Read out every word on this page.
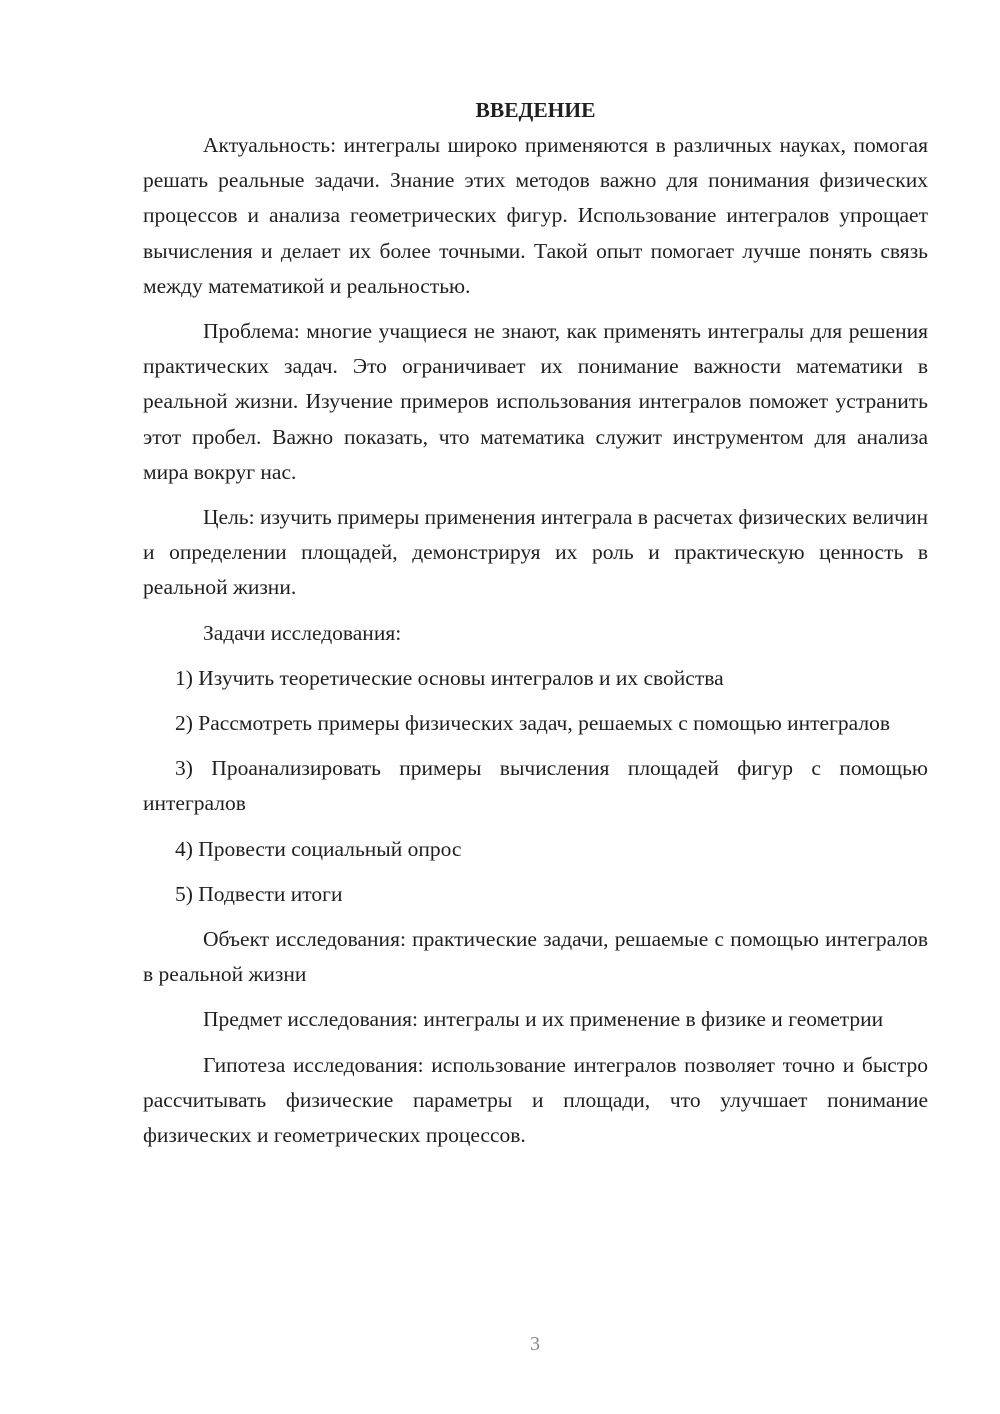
ВВЕДЕНИЕ

Актуальность: интегралы широко применяются в различных науках, помогая решать реальные задачи. Знание этих методов важно для понимания физических процессов и анализа геометрических фигур. Использование интегралов упрощает вычисления и делает их более точными. Такой опыт помогает лучше понять связь между математикой и реальностью.

Проблема: многие учащиеся не знают, как применять интегралы для решения практических задач. Это ограничивает их понимание важности математики в реальной жизни. Изучение примеров использования интегралов поможет устранить этот пробел. Важно показать, что математика служит инструментом для анализа мира вокруг нас.

Цель: изучить примеры применения интеграла в расчетах физических величин и определении площадей, демонстрируя их роль и практическую ценность в реальной жизни.

Задачи исследования:

1) Изучить теоретические основы интегралов и их свойства

2) Рассмотреть примеры физических задач, решаемых с помощью интегралов

3) Проанализировать примеры вычисления площадей фигур с помощью интегралов

4) Провести социальный опрос

5) Подвести итоги

Объект исследования: практические задачи, решаемые с помощью интегралов в реальной жизни

Предмет исследования: интегралы и их применение в физике и геометрии

Гипотеза исследования: использование интегралов позволяет точно и быстро рассчитывать физические параметры и площади, что улучшает понимание физических и геометрических процессов.

3
